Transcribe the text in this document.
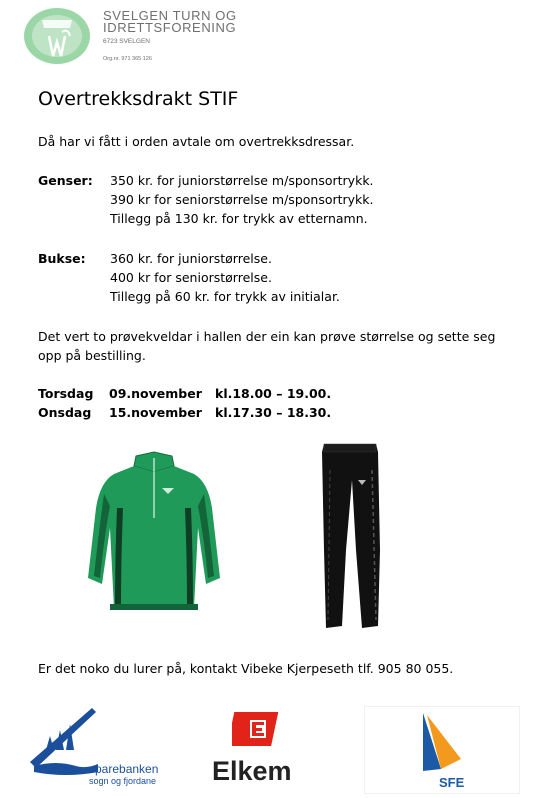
SVELGEN TURN OG
IDRETTSFORENING
6723 SVELGEN
Org.nr. 971 365 126
Overtrekksdrakt STIF
Då har vi fått i orden avtale om overtrekksdressar.
Genser: 350 kr. for juniorstørrelse m/sponsortrykk.
390 kr for seniorstørrelse m/sponsortrykk.
Tillegg på 130 kr. for trykk av etternamn.
Bukse: 360 kr. for juniorstørrelse.
400 kr for seniorstørrelse.
Tillegg på 60 kr. for trykk av initialar.
Det vert to prøvekveldar i hallen der ein kan prøve størrelse og sette seg
opp på bestilling.
Torsdag 09.november kl.18.00 – 19.00.
Onsdag 15.november kl.17.30 – 18.30.
Er det noko du lurer på, kontakt Vibeke Kjerpeseth tlf. 905 80 055.
sparebanken
sogn og fjordane Elkem	SFE
